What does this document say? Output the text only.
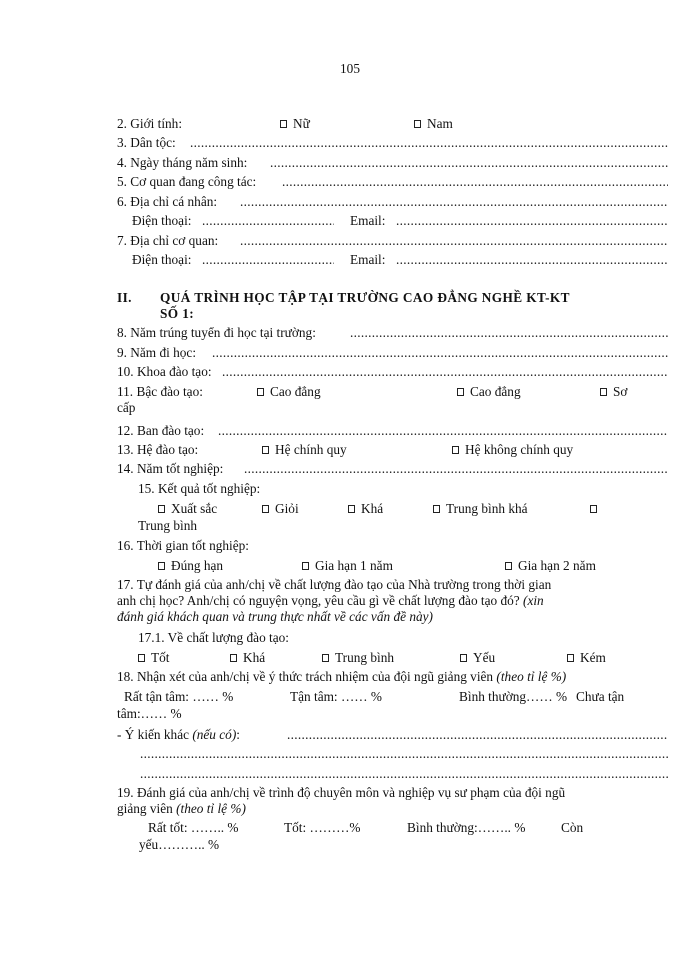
105
2. Giới tính:	Nữ	Nam
3. Dân tộc:
.....
4. Ngày tháng năm sinh:
.....
5. Cơ quan đang công tác:
.....
6. Địa chỉ cá nhân:
.....
Điện thoại: .....	Email:
.....
7. Địa chỉ cơ quan:
.....
Điện thoại: .....	Email:
.....
II. QUÁ TRÌNH HỌC TẬP TẠI TRƯỜNG CAO ĐẲNG NGHỀ KT-KT
SỐ 1:
8. Năm trúng tuyển đi học tại trường:
.....
9. Năm đi học:
.....
10. Khoa đào tạo:
.....
11. Bậc đào tạo:	Cao đẳng	Cao đẳng	Sơ
cấp
12. Ban đào tạo:
.....
13. Hệ đào tạo:	Hệ chính quy	Hệ không chính quy
14. Năm tốt nghiệp:
.....
15. Kết quả tốt nghiệp:
Xuất sắc	Giỏi	Khá	Trung bình khá
Trung bình
16. Thời gian tốt nghiệp:
Đúng hạn	Gia hạn 1 năm	Gia hạn 2 năm
17. Tự đánh giá của anh/chị về chất lượng đào tạo của Nhà trường trong thời gian
anh chị học? Anh/chị có nguyện vọng, yêu cầu gì về chất lượng đào tạo đó? (xin
đánh giá khách quan và trung thực nhất về các vấn đề này)
17.1. Về chất lượng đào tạo:
Tốt	Khá	Trung bình	Yếu	Kém
18. Nhận xét của anh/chị về ý thức trách nhiệm của đội ngũ giảng viên (theo tỉ lệ %)
Rất tận tâm: …… %	Tận tâm: …… %	Bình thường…… % Chưa tận
tâm:…… %
- Ý kiến khác (nếu có):
.....
.....
.....
19. Đánh giá của anh/chị về trình độ chuyên môn và nghiệp vụ sư phạm của đội ngũ
giảng viên (theo tỉ lệ %)
Rất tốt: …….. %	Tốt: ………%	Bình thường:…….. %	Còn
yếu……….. %
